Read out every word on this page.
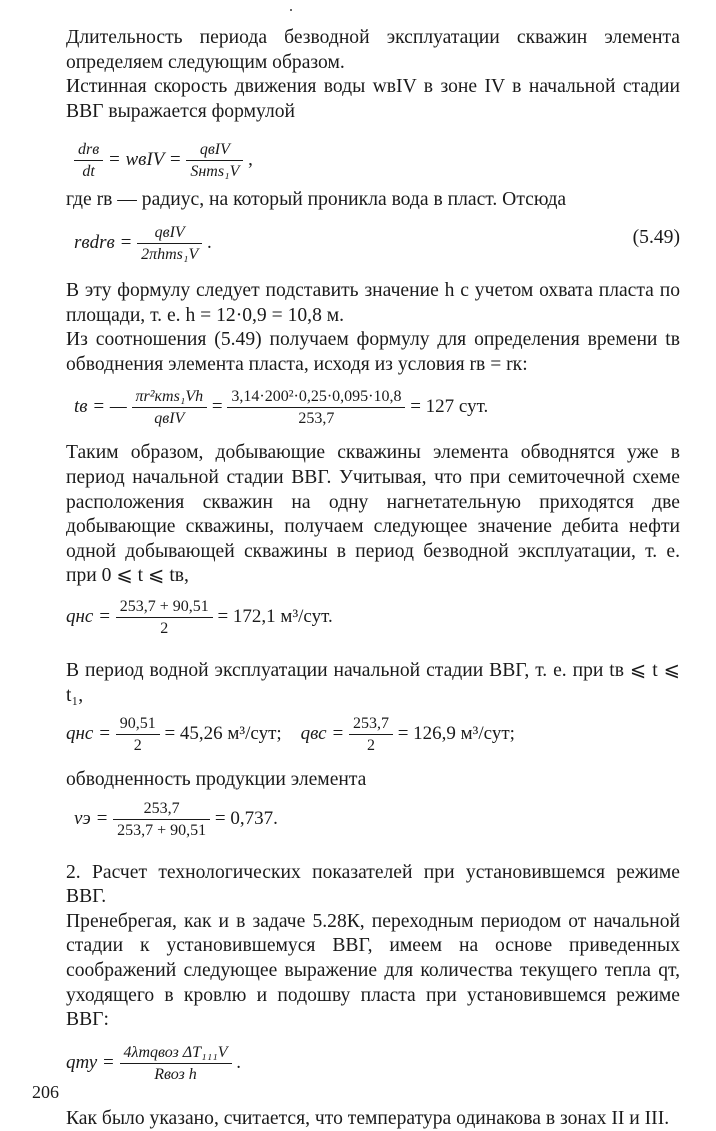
Длительность периода безводной эксплуатации скважин элемента определяем следующим образом.

Истинная скорость движения воды wвIV в зоне IV в начальной стадии ВВГ выражается формулой

$\frac{\text{drв}}{dt}$ = wвIV = $\frac{\text{qвIV}}{\text{Sнms₁V}}$ ,

где rв — радиус, на который проникла вода в пласт. Отсюда

rвdrв = $\frac{\text{qвIV}}{\text{2πhms₁V}}$ .	(5.49)

В эту формулу следует подставить значение h с учетом охвата пласта по площади, т. е. h = 12·0,9 = 10,8 м.

Из соотношения (5.49) получаем формулу для определения времени tв обводнения элемента пласта, исходя из условия rв = rк:

tв = — $\frac{\text{πr²кms₁Vh}}{\text{qвIV}} = \frac{\text{3,14·200²·0,25·0,095·10,8}}{253,7} = 127$ сут.

Таким образом, добывающие скважины элемента обводнятся уже в период начальной стадии ВВГ. Учитывая, что при семиточечной схеме расположения скважин на одну нагнетательную приходятся две добывающие скважины, получаем следующее значение дебита нефти одной добывающей скважины в период безводной эксплуатации, т. е. при 0 ⩽ t ⩽ tв,

qнс = $\frac{253,7 + 90,51}{2} = 172,1$ м³/сут.

В период водной эксплуатации начальной стадии ВВГ, т. е. при tв ⩽ t ⩽ t₁,

qнс = $\frac{90,51}{2} = 45,26$ м³/сут; qвс = $\frac{253,7}{2} = 126,9$ м³/сут;

обводненность продукции элемента

$\nu э = \frac{253,7}{253,7 + 90,51} = 0,737$.

2. Расчет технологических показателей при установившемся режиме ВВГ.

Пренебрегая, как и в задаче 5.28К, переходным периодом от начальной стадии к установившемуся ВВГ, имеем на основе приведенных соображений следующее выражение для количества текущего тепла qт, уходящего в кровлю и подошву пласта при установившемся режиме ВВГ:

qту = $\frac{\text{4λтqвоз ΔT₁₁₁V}}{\text{Rвоз h}}$ .

Как было указано, считается, что температура одинакова в зонах II и III.

206
